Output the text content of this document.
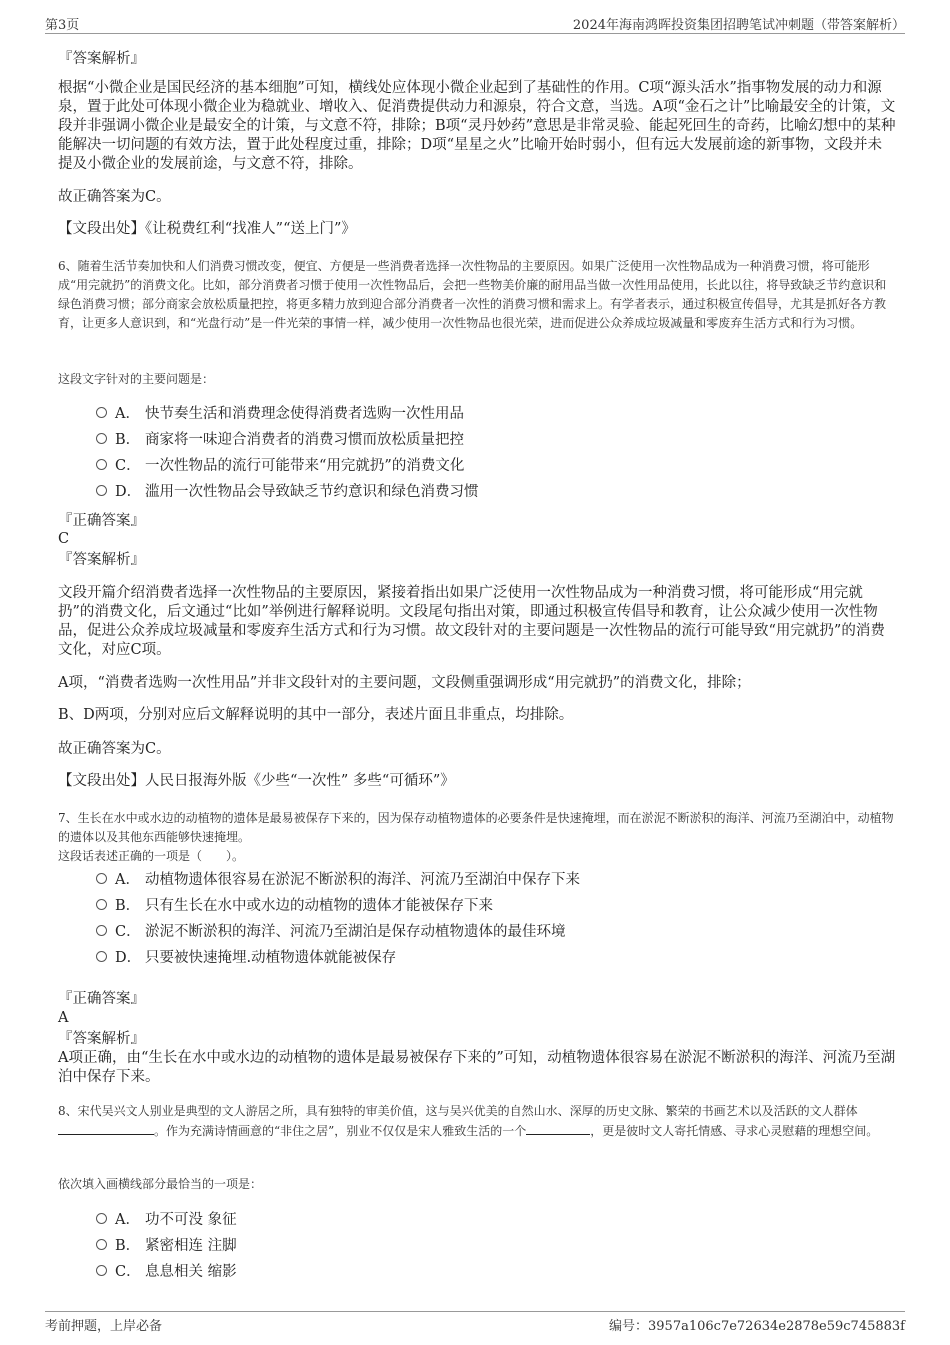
第3页	2024年海南鸿晖投资集团招聘笔试冲刺题（带答案解析）
『答案解析』
根据“小微企业是国民经济的基本细胞”可知，横线处应体现小微企业起到了基础性的作用。C项“源头活水”指事物发展的动力和源泉，置于此处可体现小微企业为稳就业、增收入、促消费提供动力和源泉，符合文意，当选。A项“金石之计”比喻最安全的计策，文段并非强调小微企业是最安全的计策，与文意不符，排除；B项“灵丹妙药”意思是非常灵验、能起死回生的奇药，比喻幻想中的某种能解决一切问题的有效方法，置于此处程度过重，排除；D项“星星之火”比喻开始时弱小，但有远大发展前途的新事物，文段并未提及小微企业的发展前途，与文意不符，排除。
故正确答案为C。
【文段出处】《让税费红利“找准人”“送上门”》
6、随着生活节奏加快和人们消费习惯改变，便宜、方便是一些消费者选择一次性物品的主要原因。如果广泛使用一次性物品成为一种消费习惯，将可能形成“用完就扔”的消费文化。比如，部分消费者习惯于使用一次性物品后，会把一些物美价廉的耐用品当做一次性用品使用，长此以往，将导致缺乏节约意识和绿色消费习惯；部分商家会放松质量把控，将更多精力放到迎合部分消费者一次性的消费习惯和需求上。有学者表示，通过积极宣传倡导，尤其是抓好各方教育，让更多人意识到，和“光盘行动”是一件光荣的事情一样，减少使用一次性物品也很光荣，进而促进公众养成垃圾减量和零废弃生活方式和行为习惯。
这段文字针对的主要问题是：
A． 快节奏生活和消费理念使得消费者选购一次性用品
B． 商家将一味迎合消费者的消费习惯而放松质量把控
C． 一次性物品的流行可能带来“用完就扔”的消费文化
D． 滥用一次性物品会导致缺乏节约意识和绿色消费习惯
『正确答案』
C
『答案解析』
文段开篇介绍消费者选择一次性物品的主要原因，紧接着指出如果广泛使用一次性物品成为一种消费习惯，将可能形成“用完就扔”的消费文化，后文通过“比如”举例进行解释说明。文段尾句指出对策，即通过积极宣传倡导和教育，让公众减少使用一次性物品，促进公众养成垃圾减量和零废弃生活方式和行为习惯。故文段针对的主要问题是一次性物品的流行可能导致“用完就扔”的消费文化，对应C项。
A项，“消费者选购一次性用品”并非文段针对的主要问题，文段侧重强调形成“用完就扔”的消费文化，排除；
B、D两项，分别对应后文解释说明的其中一部分，表述片面且非重点，均排除。
故正确答案为C。
【文段出处】人民日报海外版《少些“一次性” 多些“可循环”》
7、生长在水中或水边的动植物的遗体是最易被保存下来的，因为保存动植物遗体的必要条件是快速掩埋，而在淤泥不断淤积的海洋、河流乃至湖泊中，动植物的遗体以及其他东西能够快速掩埋。
这段话表述正确的一项是（　　）。
A． 动植物遗体很容易在淤泥不断淤积的海洋、河流乃至湖泊中保存下来
B． 只有生长在水中或水边的动植物的遗体才能被保存下来
C． 淤泥不断淤积的海洋、河流乃至湖泊是保存动植物遗体的最佳环境
D． 只要被快速掩埋.动植物遗体就能被保存
『正确答案』
A
『答案解析』
A项正确，由“生长在水中或水边的动植物的遗体是最易被保存下来的”可知，动植物遗体很容易在淤泥不断淤积的海洋、河流乃至湖泊中保存下来。
8、宋代吴兴文人别业是典型的文人游居之所，具有独特的审美价值，这与吴兴优美的自然山水、深厚的历史文脉、繁荣的书画艺术以及活跃的文人群体。作为充满诗情画意的“非住之居”，别业不仅仅是宋人雅致生活的一个	，更是彼时文人寄托情感、寻求心灵慰藉的理想空间。
依次填入画横线部分最恰当的一项是：
A． 功不可没 象征
B． 紧密相连 注脚
C． 息息相关 缩影
考前押题，上岸必备	编号：3957a106c7e72634e2878e59c745883f
